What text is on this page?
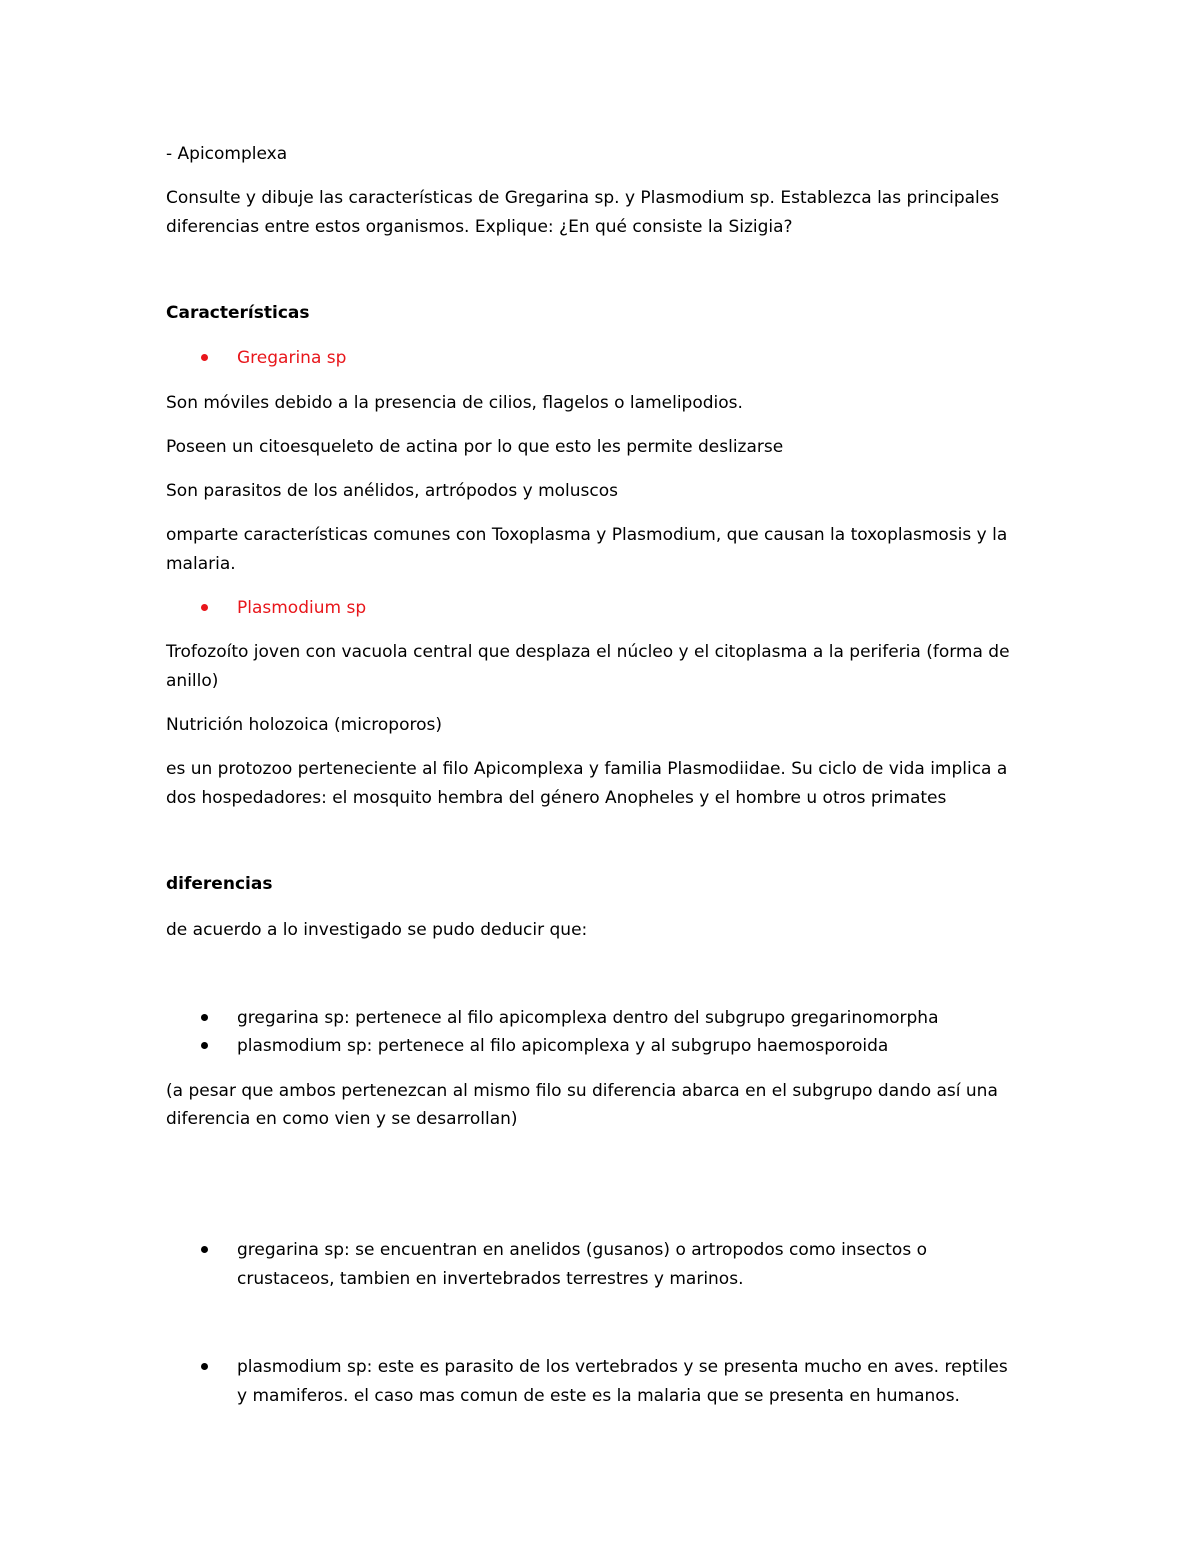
- Apicomplexa
Consulte y dibuje las características de Gregarina sp. y Plasmodium sp. Establezca las principales
diferencias entre estos organismos. Explique: ¿En qué consiste la Sizigia?
Características
Gregarina sp
Son móviles debido a la presencia de cilios, flagelos o lamelipodios.
Poseen un citoesqueleto de actina por lo que esto les permite deslizarse
Son parasitos de los anélidos, artrópodos y moluscos
omparte características comunes con Toxoplasma y Plasmodium, que causan la toxoplasmosis y la
malaria.
Plasmodium sp
Trofozoíto joven con vacuola central que desplaza el núcleo y el citoplasma a la periferia (forma de
anillo)
Nutrición holozoica (microporos)
es un protozoo perteneciente al filo Apicomplexa y familia Plasmodiidae. Su ciclo de vida implica a
dos hospedadores: el mosquito hembra del género Anopheles y el hombre u otros primates
diferencias
de acuerdo a lo investigado se pudo deducir que:
gregarina sp: pertenece al filo apicomplexa dentro del subgrupo gregarinomorpha
plasmodium sp: pertenece al filo apicomplexa y al subgrupo haemosporoida
(a pesar que ambos pertenezcan al mismo filo su diferencia abarca en el subgrupo dando así una
diferencia en como vien y se desarrollan)
gregarina sp: se encuentran en anelidos (gusanos) o artropodos como insectos o
crustaceos, tambien en invertebrados terrestres y marinos.
plasmodium sp: este es parasito de los vertebrados y se presenta mucho en aves. reptiles
y mamiferos. el caso mas comun de este es la malaria que se presenta en humanos.
